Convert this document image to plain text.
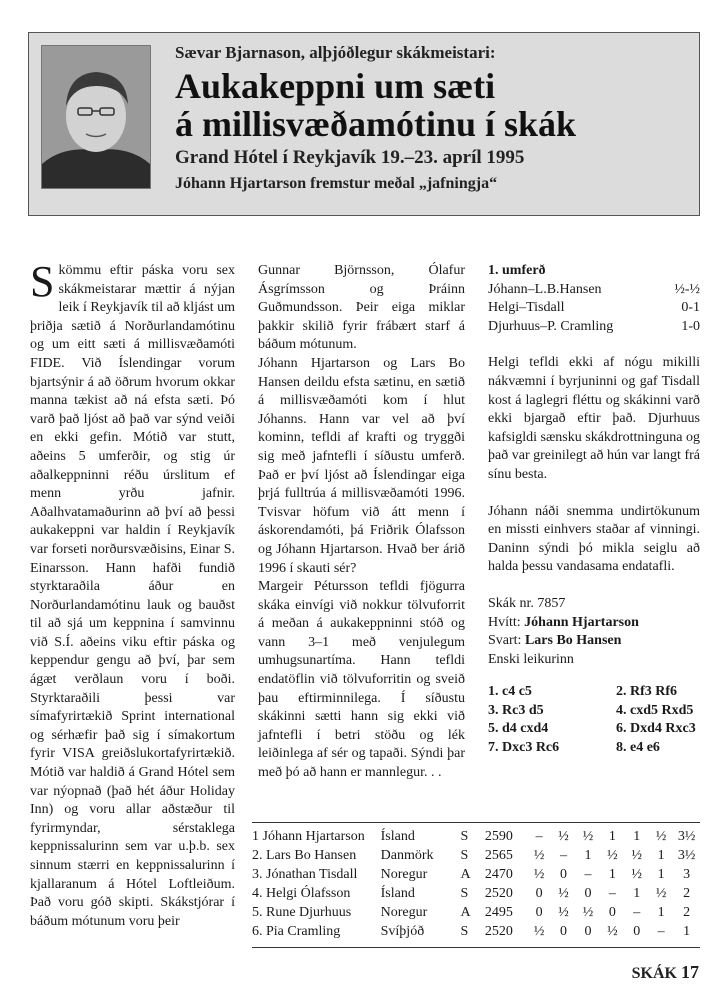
Sævar Bjarnason, alþjóðlegur skákmeistari:
Aukakeppni um sæti
á millisvæðamótinu í skák
Grand Hótel í Reykjavík 19.–23. apríl 1995
Jóhann Hjartarson fremstur meðal „jafningja“

Skömmu eftir páska voru sex skákmeistarar mættir á nýjan leik í Reykjavík til að kljást um þriðja sætið á Norðurlandamótinu og um eitt sæti á millisvæðamóti FIDE. Við Íslendingar vorum bjartsýnir á að öðrum hvorum okkar manna tækist að ná efsta sæti. Þó varð það ljóst að það var sýnd veiði en ekki gefin. Mótið var stutt, aðeins 5 umferðir, og stig úr aðalkeppninni réðu úrslitum ef menn yrðu jafnir. Aðalhvatamaðurinn að því að þessi aukakeppni var haldin í Reykjavík var forseti norðursvæðisins, Einar S. Einarsson. Hann hafði fundið styrktaraðila áður en Norðurlandamótinu lauk og bauðst til að sjá um keppnina í samvinnu við S.Í. aðeins viku eftir páska og keppendur gengu að því, þar sem ágæt verðlaun voru í boði. Styrktaraðili þessi var símafyrirtækið Sprint international og sérhæfir það sig í símakortum fyrir VISA greiðslukortafyrirtækið. Mótið var haldið á Grand Hótel sem var nýopnað (það hét áður Holiday Inn) og voru allar aðstæður til fyrirmyndar, sérstaklega keppnissalurinn sem var u.þ.b. sex sinnum stærri en keppnissalurinn í kjallaranum á Hótel Loftleiðum. Það voru góð skipti. Skákstjórar í báðum mótunum voru þeir

Gunnar Björnsson, Ólafur Ásgrímsson og Þráinn Guðmundsson. Þeir eiga miklar þakkir skilið fyrir frábært starf á báðum mótunum.

Jóhann Hjartarson og Lars Bo Hansen deildu efsta sætinu, en sætið á millisvæðamóti kom í hlut Jóhanns. Hann var vel að því kominn, tefldi af krafti og tryggði sig með jafntefli í síðustu umferð. Það er því ljóst að Íslendingar eiga þrjá fulltrúa á millisvæðamóti 1996. Tvisvar höfum við átt menn í áskorendamóti, þá Friðrik Ólafsson og Jóhann Hjartarson. Hvað ber árið 1996 í skauti sér?

Margeir Pétursson tefldi fjögurra skáka einvígi við nokkur tölvuforrit á meðan á aukakeppninni stóð og vann 3–1 með venjulegum umhugsunartíma. Hann tefldi endatöflin við tölvuforritin og sveið þau eftirminnilega. Í síðustu skákinni sætti hann sig ekki við jafntefli í betri stöðu og lék leiðinlega af sér og tapaði. Sýndi þar með þó að hann er mannlegur. . .

1. umferð
Jóhann–L.B.Hansen	½-½
Helgi–Tisdall	0-1
Djurhuus–P. Cramling	1-0

Helgi tefldi ekki af nógu mikilli nákvæmni í byrjuninni og gaf Tisdall kost á laglegri fléttu og skákinni varð ekki bjargað eftir það. Djurhuus kafsigldi sænsku skákdrottninguna og það var greinilegt að hún var langt frá sínu besta.

Jóhann náði snemma undirtökunum en missti einhvers staðar af vinningi. Daninn sýndi þó mikla seiglu að halda þessu vandasama endatafli.

Skák nr. 7857
Hvítt: Jóhann Hjartarson
Svart: Lars Bo Hansen
Enski leikurinn
1. c4 c5	2. Rf3 Rf6
3. Rc3 d5	4. cxd5 Rxd5
5. d4 cxd4	6. Dxd4 Rxc3
7. Dxc3 Rc6	8. e4 e6
1 Jóhann Hjartarson	Ísland	S	2590	–	½	½	1	1	½	3½
2. Lars Bo Hansen	Danmörk	S	2565	½	–	1	½	½	1	3½
3. Jónathan Tisdall	Noregur	A	2470	½	0	–	1	½	1	3
4. Helgi Ólafsson	Ísland	S	2520	0	½	0	–	1	½	2
5. Rune Djurhuus	Noregur	A	2495	0	½	½	0	–	1	2
6. Pia Cramling	Svíþjóð	S	2520	½	0	0	½	0	–	1
SKÁK 17
